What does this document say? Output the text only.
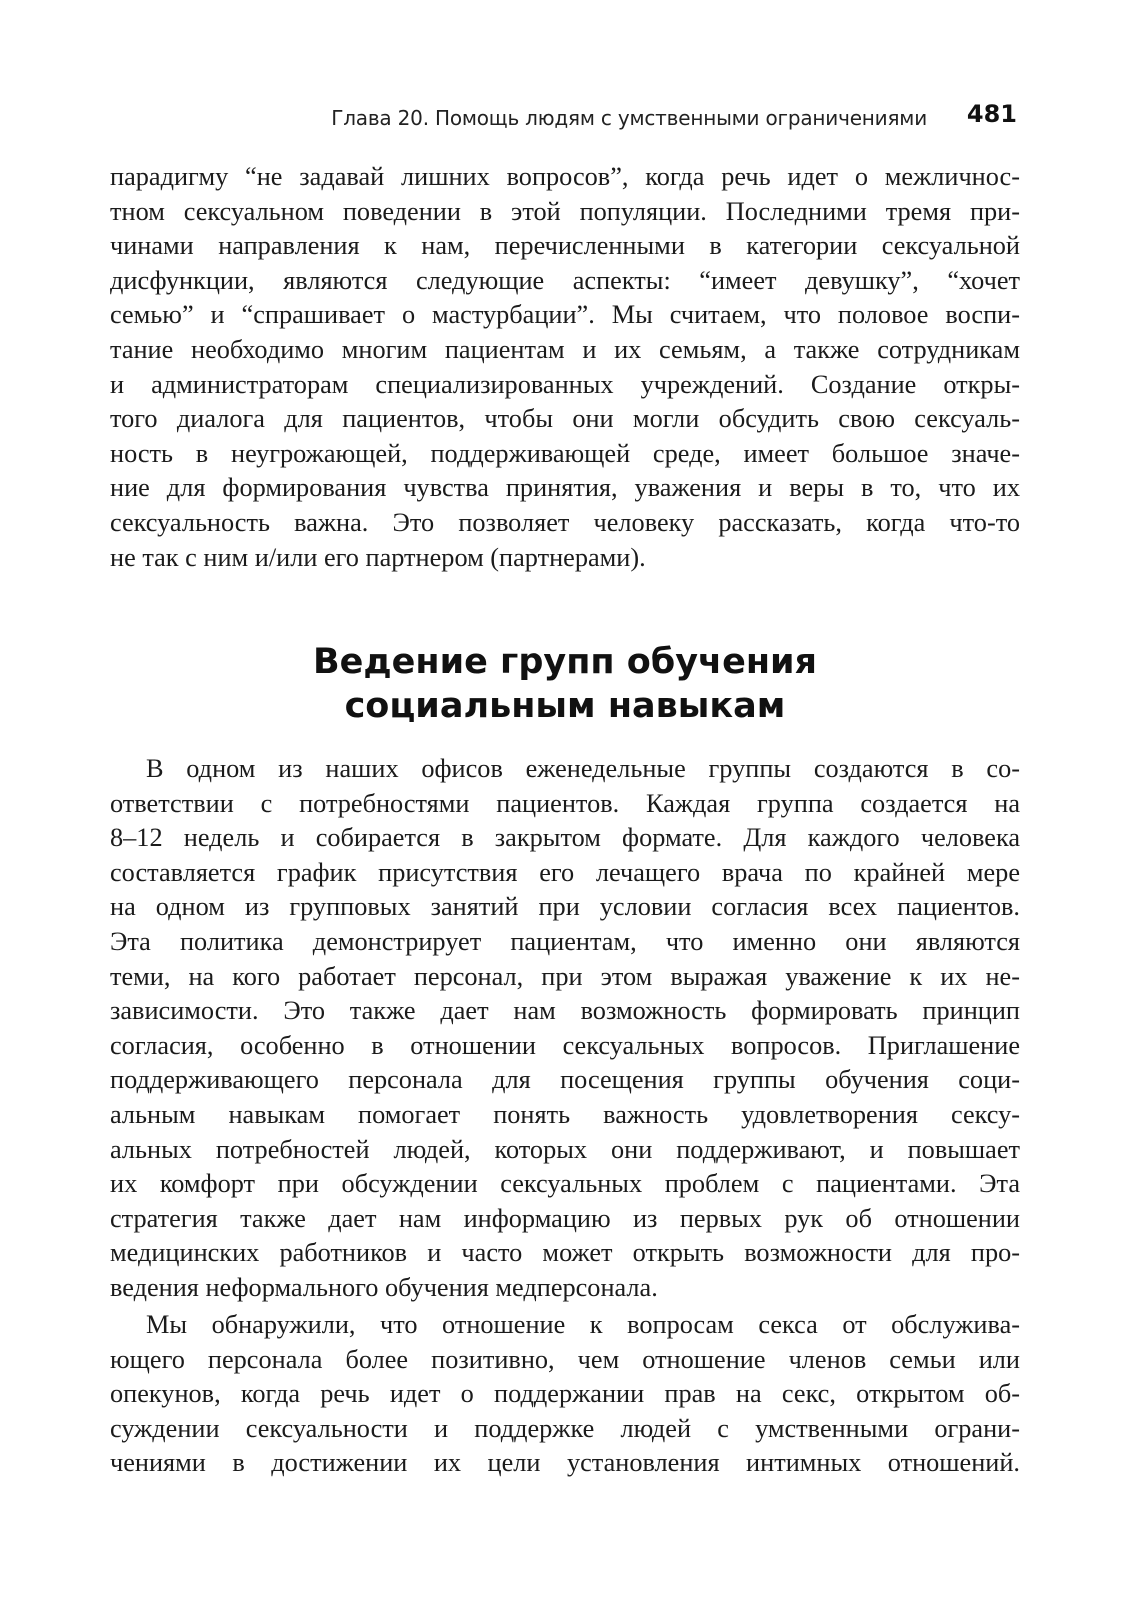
Глава 20. Помощь людям с умственными ограничениями 481
парадигму “не задавай лишних вопросов”, когда речь идет о межличнос-
тном сексуальном поведении в этой популяции. Последними тремя при-
чинами направления к нам, перечисленными в категории сексуальной
дисфункции, являются следующие аспекты: “имеет девушку”, “хочет
семью” и “спрашивает о мастурбации”. Мы считаем, что половое воспи-
тание необходимо многим пациентам и их семьям, а также сотрудникам
и администраторам специализированных учреждений. Создание откры-
того диалога для пациентов, чтобы они могли обсудить свою сексуаль-
ность в неугрожающей, поддерживающей среде, имеет большое значе-
ние для формирования чувства принятия, уважения и веры в то, что их
сексуальность важна. Это позволяет человеку рассказать, когда что-то
не так с ним и/или его партнером (партнерами).
Ведение групп обучения
социальным навыкам
В одном из наших офисов еженедельные группы создаются в со-
ответствии с потребностями пациентов. Каждая группа создается на
8–12 недель и собирается в закрытом формате. Для каждого человека
составляется график присутствия его лечащего врача по крайней мере
на одном из групповых занятий при условии согласия всех пациентов.
Эта политика демонстрирует пациентам, что именно они являются
теми, на кого работает персонал, при этом выражая уважение к их не-
зависимости. Это также дает нам возможность формировать принцип
согласия, особенно в отношении сексуальных вопросов. Приглашение
поддерживающего персонала для посещения группы обучения соци-
альным навыкам помогает понять важность удовлетворения сексу-
альных потребностей людей, которых они поддерживают, и повышает
их комфорт при обсуждении сексуальных проблем с пациентами. Эта
стратегия также дает нам информацию из первых рук об отношении
медицинских работников и часто может открыть возможности для про-
ведения неформального обучения медперсонала.
Мы обнаружили, что отношение к вопросам секса от обслужива-
ющего персонала более позитивно, чем отношение членов семьи или
опекунов, когда речь идет о поддержании прав на секс, открытом об-
суждении сексуальности и поддержке людей с умственными ограни-
чениями в достижении их цели установления интимных отношений.
